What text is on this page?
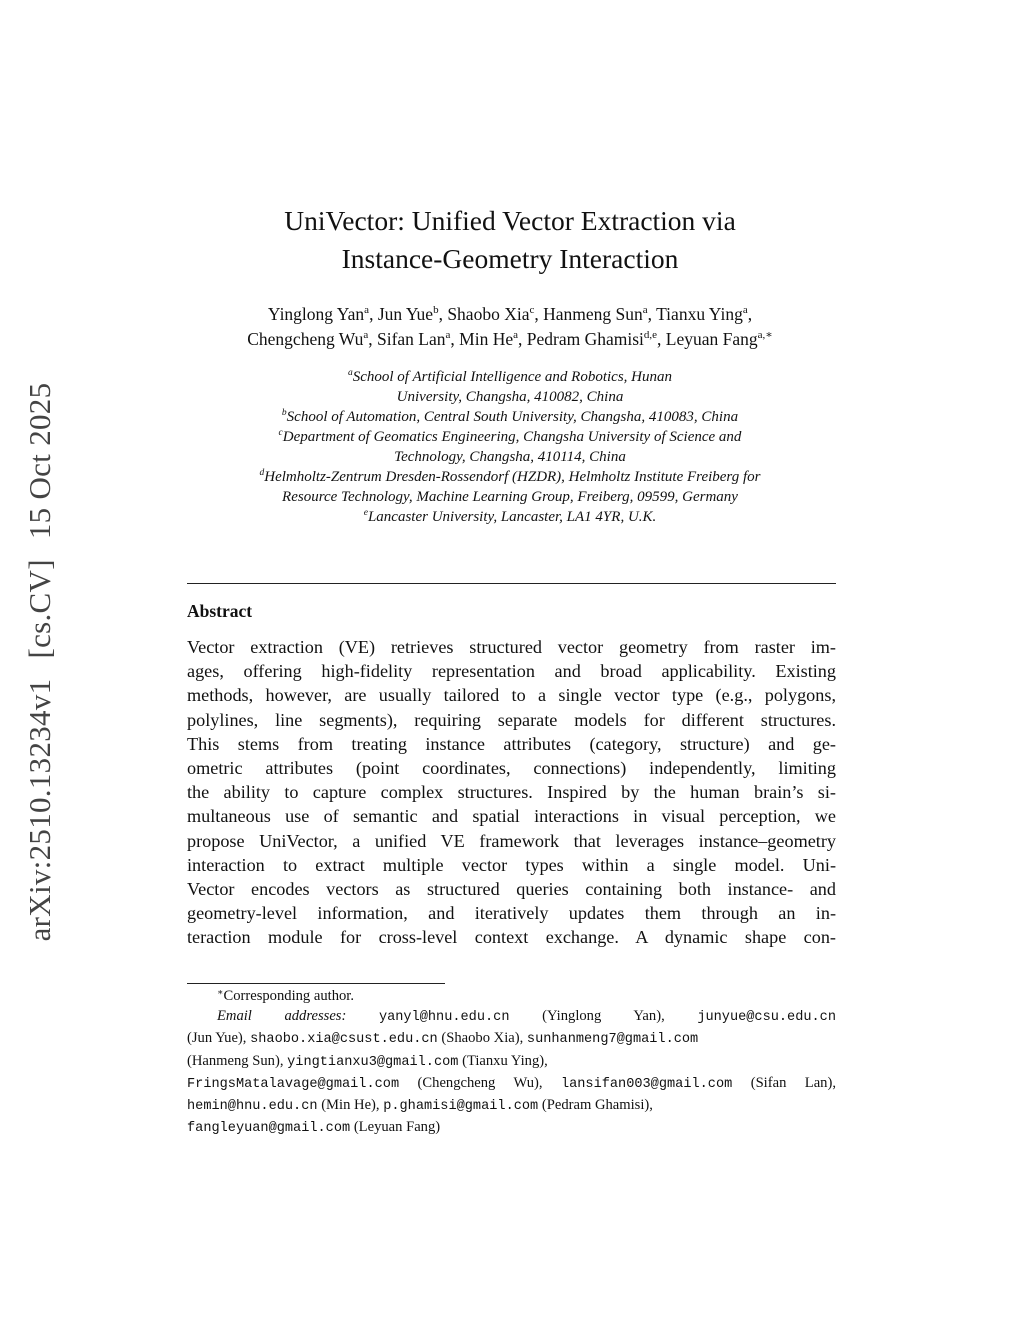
arXiv:2510.13234v1[cs.CV]15 Oct 2025
UniVector: Unified Vector Extraction via
Instance-Geometry Interaction
Yinglong Yan$^a$, Jun Yue$^b$, Shaobo Xia$^c$, Hanmeng Sun$^a$, Tianxu Ying$^a$,
Chengcheng Wu$^a$, Sifan Lan$^a$, Min He$^a$, Pedram Ghamisi$^{d,e}$, Leyuan Fang$^{a,∗}$
$^a$School of Artificial Intelligence and Robotics, Hunan
University, Changsha, 410082, China
$^b$School of Automation, Central South University, Changsha, 410083, China
$^c$Department of Geomatics Engineering, Changsha University of Science and
Technology, Changsha, 410114, China
$^d$Helmholtz-Zentrum Dresden-Rossendorf (HZDR), Helmholtz Institute Freiberg for
Resource Technology, Machine Learning Group, Freiberg, 09599, Germany
$^e$Lancaster University, Lancaster, LA1 4YR, U.K.
Abstract
Vector extraction (VE) retrieves structured vector geometry from raster im-
ages, offering high-fidelity representation and broad applicability. Existing
methods, however, are usually tailored to a single vector type (e.g., polygons,
polylines, line segments), requiring separate models for different structures.
This stems from treating instance attributes (category, structure) and ge-
ometric attributes (point coordinates, connections) independently, limiting
the ability to capture complex structures. Inspired by the human brain’s si-
multaneous use of semantic and spatial interactions in visual perception, we
propose UniVector, a unified VE framework that leverages instance–geometry
interaction to extract multiple vector types within a single model. Uni-
Vector encodes vectors as structured queries containing both instance- and
geometry-level information, and iteratively updates them through an in-
teraction module for cross-level context exchange. A dynamic shape con-
∗Corresponding author.
Email addresses: yanyl@hnu.edu.cn (Yinglong Yan), junyue@csu.edu.cn
(Jun Yue), shaobo.xia@csust.edu.cn (Shaobo Xia), sunhanmeng7@gmail.com
(Hanmeng Sun), yingtianxu3@gmail.com (Tianxu Ying),
FringsMatalavage@gmail.com (Chengcheng Wu), lansifan003@gmail.com (Sifan Lan),
hemin@hnu.edu.cn (Min He), p.ghamisi@gmail.com (Pedram Ghamisi),
fangleyuan@gmail.com (Leyuan Fang)
